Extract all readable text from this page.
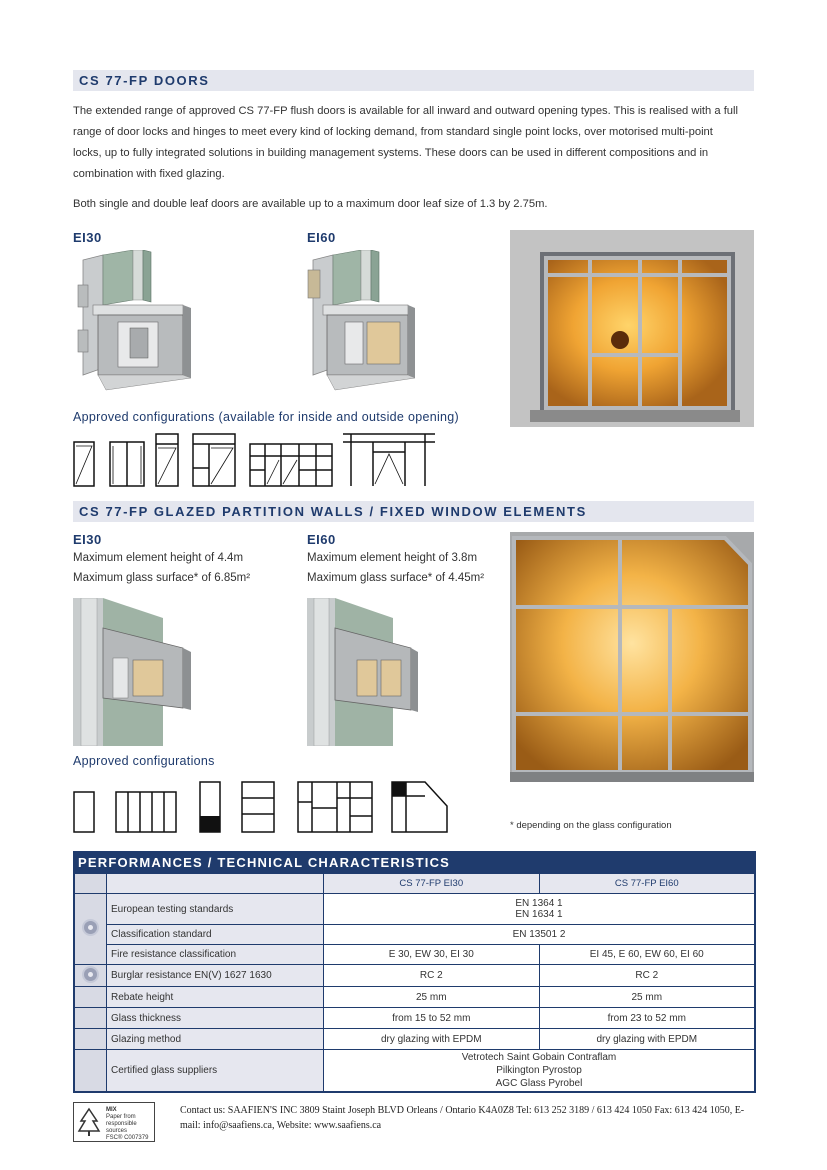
CS 77-FP DOORS
The extended range of approved CS 77-FP flush doors is available for all inward and outward opening types. This is realised with a full range of door locks and hinges to meet every kind of locking demand, from standard single point locks, over motorised multi-point locks, up to fully integrated solutions in building management systems. These doors can be used in different compositions and in combination with fixed glazing.
Both single and double leaf doors are available up to a maximum door leaf size of 1.3 by 2.75m.
EI30	EI60
Approved configurations (available for inside and outside opening)
CS 77-FP GLAZED PARTITION WALLS / FIXED WINDOW ELEMENTS
EI30
Maximum element height of 4.4m
Maximum glass surface* of 6.85m²
EI60
Maximum element height of 3.8m
Maximum glass surface* of 4.45m²
Approved configurations
* depending on the glass configuration
PERFORMANCES / TECHNICAL CHARACTERISTICS
		CS 77-FP EI30	CS 77-FP EI60
	European testing standards	EN 1364 1
EN 1634 1	

	Classification standard	EN 13501 2	
	Fire resistance classification	E 30, EW 30, EI 30	EI 45, E 60, EW 60, EI 60
	Burglar resistance EN(V) 1627 1630	RC 2	RC 2
	Rebate height	25 mm	25 mm
	Glass thickness	from 15 to 52 mm	from 23 to 52 mm
	Glazing method	dry glazing with EPDM	dry glazing with EPDM
	Certified glass suppliers	Vetrotech Saint Gobain Contraflam
Pilkington Pyrostop
AGC Glass Pyrobel	
MIX
Paper from
responsible sources
FSC® C007379
Contact us: SAAFIEN'S INC 3809 Staint Joseph BLVD Orleans / Ontario K4A0Z8 Tel: 613 252 3189 / 613 424 1050 Fax: 613 424 1050, E-mail: info@saafiens.ca, Website: www.saafiens.ca
